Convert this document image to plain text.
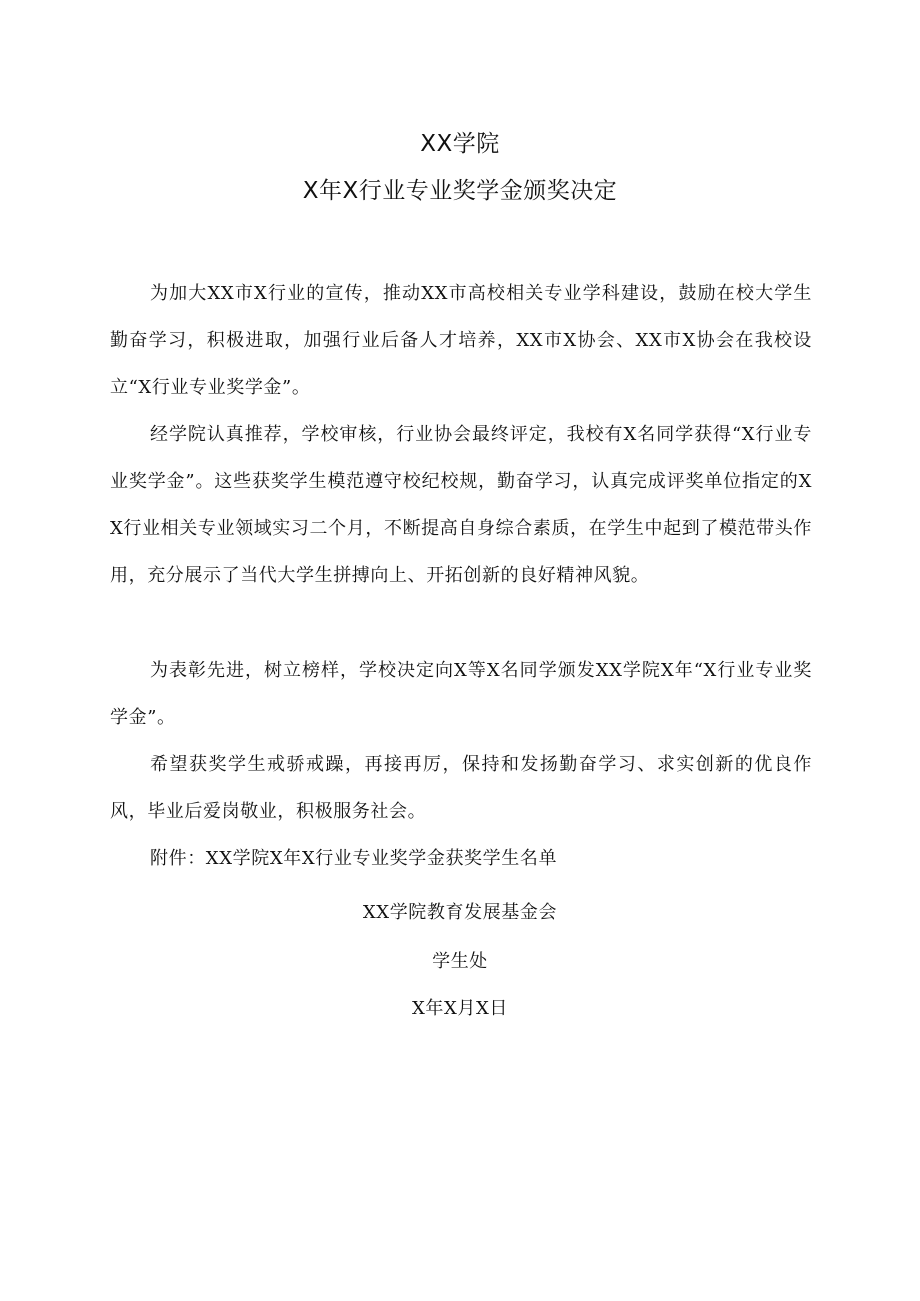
XX学院
X年X行业专业奖学金颁奖决定

为加大XX市X行业的宣传，推动XX市高校相关专业学科建设，鼓励在校大学生勤奋学习，积极进取，加强行业后备人才培养，XX市X协会、XX市X协会在我校设立“X行业专业奖学金”。

经学院认真推荐，学校审核，行业协会最终评定，我校有X名同学获得“X行业专业奖学金”。这些获奖学生模范遵守校纪校规，勤奋学习，认真完成评奖单位指定的XX行业相关专业领域实习二个月，不断提高自身综合素质，在学生中起到了模范带头作用，充分展示了当代大学生拼搏向上、开拓创新的良好精神风貌。

为表彰先进，树立榜样，学校决定向X等X名同学颁发XX学院X年“X行业专业奖学金”。

希望获奖学生戒骄戒躁，再接再厉，保持和发扬勤奋学习、求实创新的优良作风，毕业后爱岗敬业，积极服务社会。

附件：XX学院X年X行业专业奖学金获奖学生名单

XX学院教育发展基金会

学生处

X年X月X日
